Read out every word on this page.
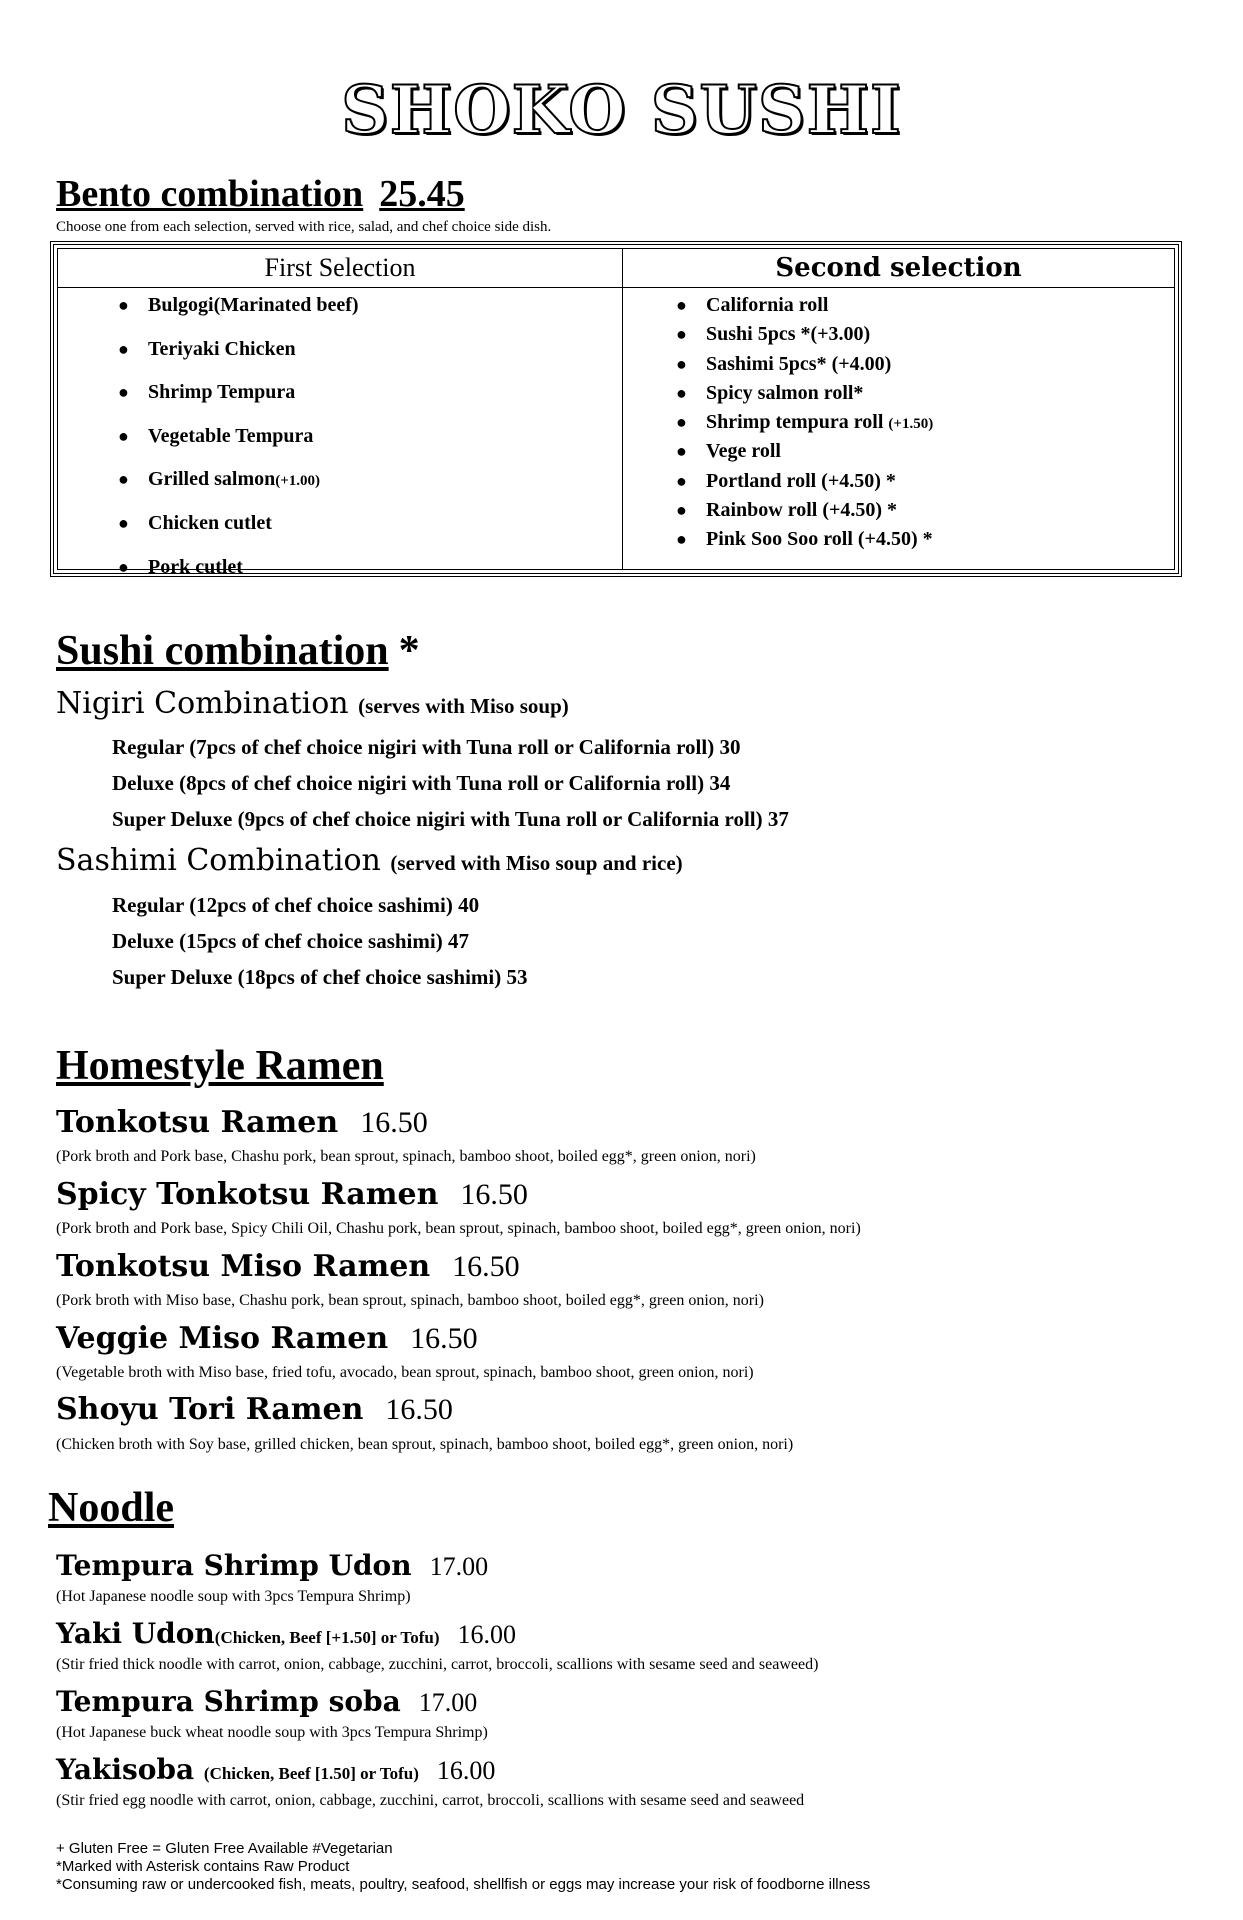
SHOKO SUSHI
Bento combination 25.45
Choose one from each selection, served with rice, salad, and chef choice side dish.
First Selection	Second selection
● Bulgogi(Marinated beef)
● Teriyaki Chicken
● Shrimp Tempura
● Vegetable Tempura
● Grilled salmon(+1.00)
● Chicken cutlet
● Pork cutlet
● California roll
● Sushi 5pcs *(+3.00)
● Sashimi 5pcs* (+4.00)
● Spicy salmon roll*
● Shrimp tempura roll (+1.50)
● Vege roll
● Portland roll (+4.50) *
● Rainbow roll (+4.50) *
● Pink Soo Soo roll (+4.50) *
Sushi combination *
Nigiri Combination (serves with Miso soup)
Regular (7pcs of chef choice nigiri with Tuna roll or California roll) 30
Deluxe (8pcs of chef choice nigiri with Tuna roll or California roll) 34
Super Deluxe (9pcs of chef choice nigiri with Tuna roll or California roll) 37
Sashimi Combination (served with Miso soup and rice)
Regular (12pcs of chef choice sashimi) 40
Deluxe (15pcs of chef choice sashimi) 47
Super Deluxe (18pcs of chef choice sashimi) 53
Homestyle Ramen
Tonkotsu Ramen 16.50
(Pork broth and Pork base, Chashu pork, bean sprout, spinach, bamboo shoot, boiled egg*, green onion, nori)
Spicy Tonkotsu Ramen 16.50
(Pork broth and Pork base, Spicy Chili Oil, Chashu pork, bean sprout, spinach, bamboo shoot, boiled egg*, green onion, nori)
Tonkotsu Miso Ramen 16.50
(Pork broth with Miso base, Chashu pork, bean sprout, spinach, bamboo shoot, boiled egg*, green onion, nori)
Veggie Miso Ramen 16.50
(Vegetable broth with Miso base, fried tofu, avocado, bean sprout, spinach, bamboo shoot, green onion, nori)
Shoyu Tori Ramen 16.50
(Chicken broth with Soy base, grilled chicken, bean sprout, spinach, bamboo shoot, boiled egg*, green onion, nori)
Noodle
Tempura Shrimp Udon 17.00
(Hot Japanese noodle soup with 3pcs Tempura Shrimp)
Yaki Udon(Chicken, Beef [+1.50] or Tofu) 16.00
(Stir fried thick noodle with carrot, onion, cabbage, zucchini, carrot, broccoli, scallions with sesame seed and seaweed)
Tempura Shrimp soba 17.00
(Hot Japanese buck wheat noodle soup with 3pcs Tempura Shrimp)
Yakisoba (Chicken, Beef [1.50] or Tofu) 16.00
(Stir fried egg noodle with carrot, onion, cabbage, zucchini, carrot, broccoli, scallions with sesame seed and seaweed
+ Gluten Free = Gluten Free Available #Vegetarian
*Marked with Asterisk contains Raw Product
*Consuming raw or undercooked fish, meats, poultry, seafood, shellfish or eggs may increase your risk of foodborne illness
